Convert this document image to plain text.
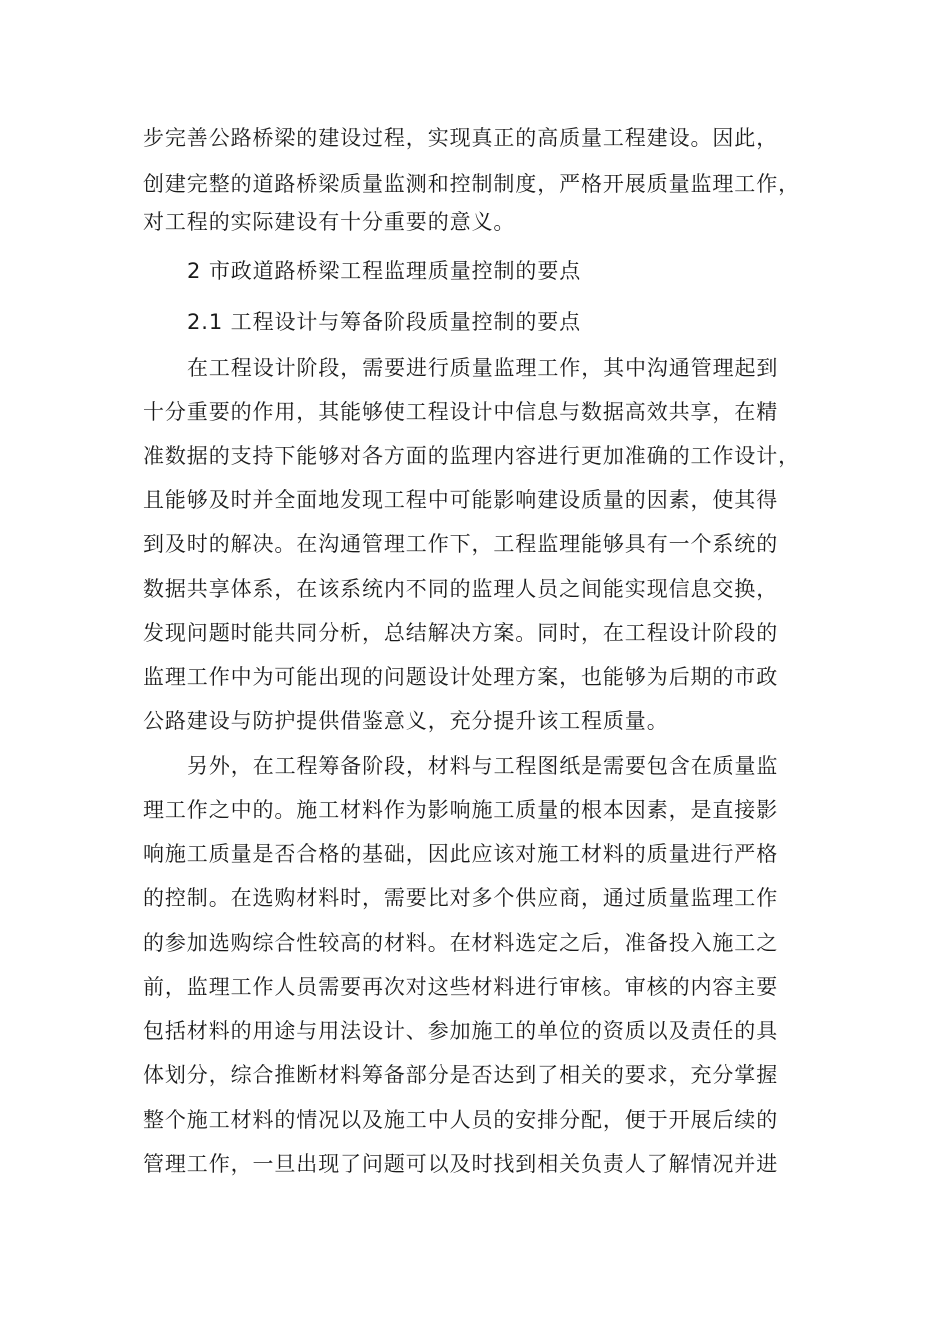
步完善公路桥梁的建设过程，实现真正的高质量工程建设。因此，
创建完整的道路桥梁质量监测和控制制度，严格开展质量监理工作，
对工程的实际建设有十分重要的意义。
2 市政道路桥梁工程监理质量控制的要点
2.1 工程设计与筹备阶段质量控制的要点
在工程设计阶段，需要进行质量监理工作，其中沟通管理起到
十分重要的作用，其能够使工程设计中信息与数据高效共享，在精
准数据的支持下能够对各方面的监理内容进行更加准确的工作设计，
且能够及时并全面地发现工程中可能影响建设质量的因素，使其得
到及时的解决。在沟通管理工作下，工程监理能够具有一个系统的
数据共享体系，在该系统内不同的监理人员之间能实现信息交换，
发现问题时能共同分析，总结解决方案。同时，在工程设计阶段的
监理工作中为可能出现的问题设计处理方案，也能够为后期的市政
公路建设与防护提供借鉴意义，充分提升该工程质量。
另外，在工程筹备阶段，材料与工程图纸是需要包含在质量监
理工作之中的。施工材料作为影响施工质量的根本因素，是直接影
响施工质量是否合格的基础，因此应该对施工材料的质量进行严格
的控制。在选购材料时，需要比对多个供应商，通过质量监理工作
的参加选购综合性较高的材料。在材料选定之后，准备投入施工之
前，监理工作人员需要再次对这些材料进行审核。审核的内容主要
包括材料的用途与用法设计、参加施工的单位的资质以及责任的具
体划分，综合推断材料筹备部分是否达到了相关的要求，充分掌握
整个施工材料的情况以及施工中人员的安排分配，便于开展后续的
管理工作，一旦出现了问题可以及时找到相关负责人了解情况并进
